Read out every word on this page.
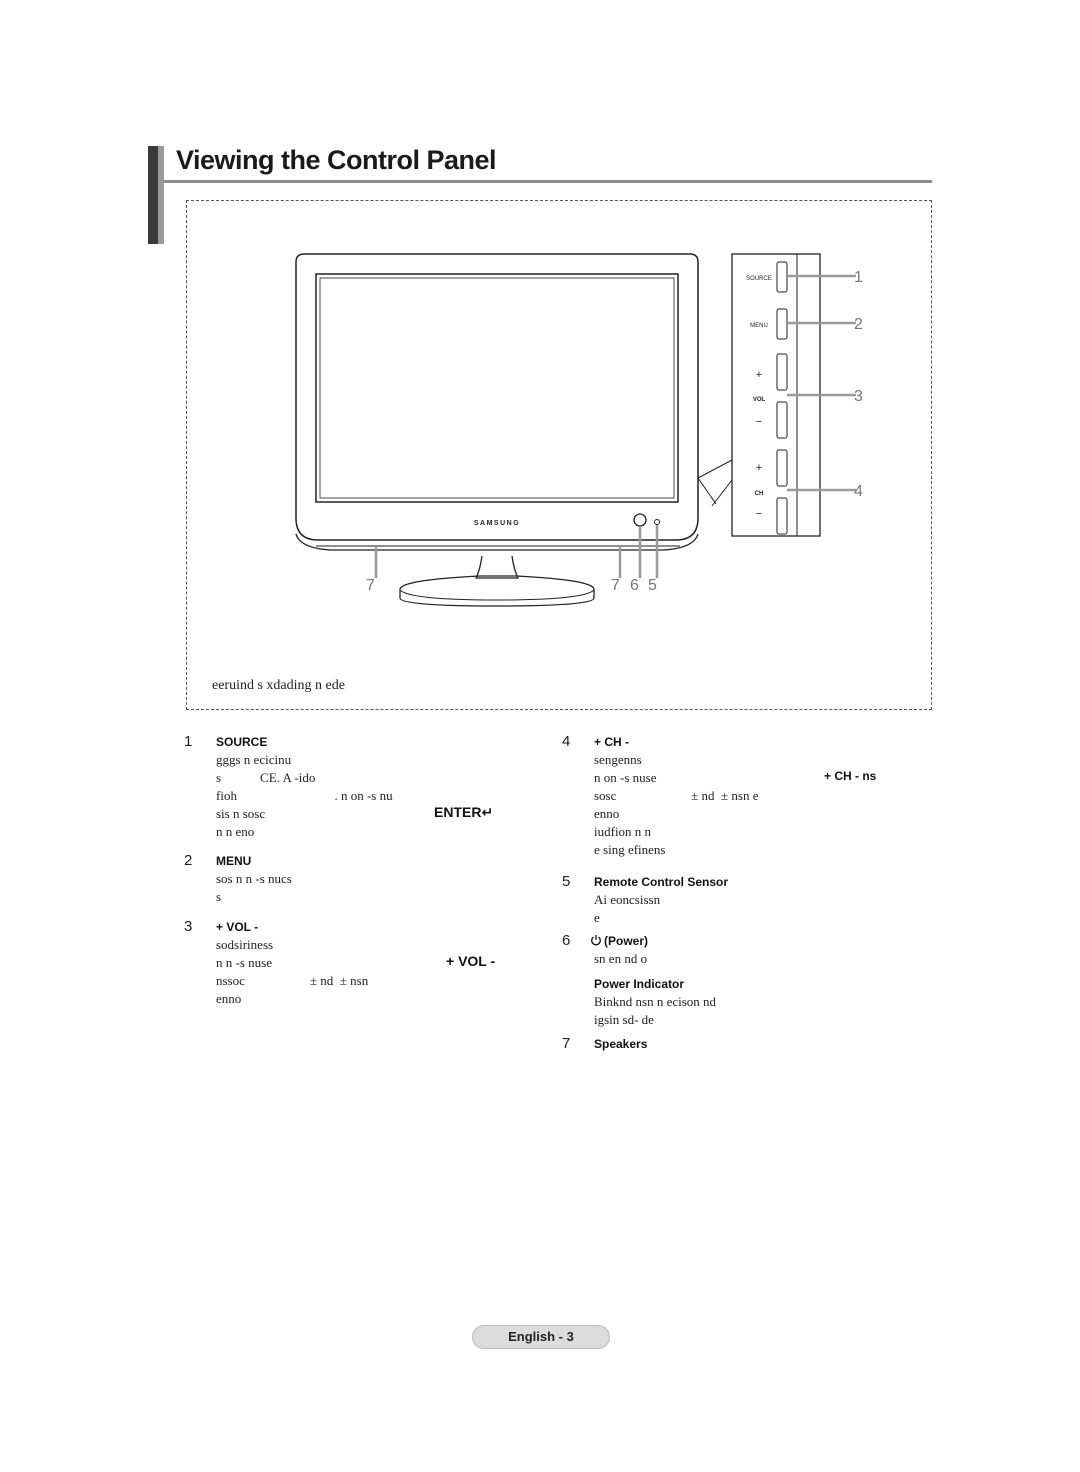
Viewing the Control Panel
SAMSUNG
SOURCE
MENU
+
VOL
−
+
CH
−
1
2
3
4
7	7 6 5
eeruind s xdading n ede
1 SOURCE
gggs n ecicinu
s            CE. A -ido
fioh                              . n on -s nu
sis n sosc
n n eno
ENTER↵
2 MENU
sos n n -s nucs
s
3 + VOL -
sodsiriness
n n -s nuse
nssoc                    ± nd  ± nsn
enno
+ VOL -
4 + CH -
sengenns
n on -s nuse
sosc                       ± nd  ± nsn e
enno
iudfion n n
e sing efinens
+ CH - ns
5 Remote Control Sensor
Ai eoncsissn
e
6	(Power)
sn en nd o
Power Indicator
Binknd nsn n ecison nd
igsin sd- de
7 Speakers
English - 3
